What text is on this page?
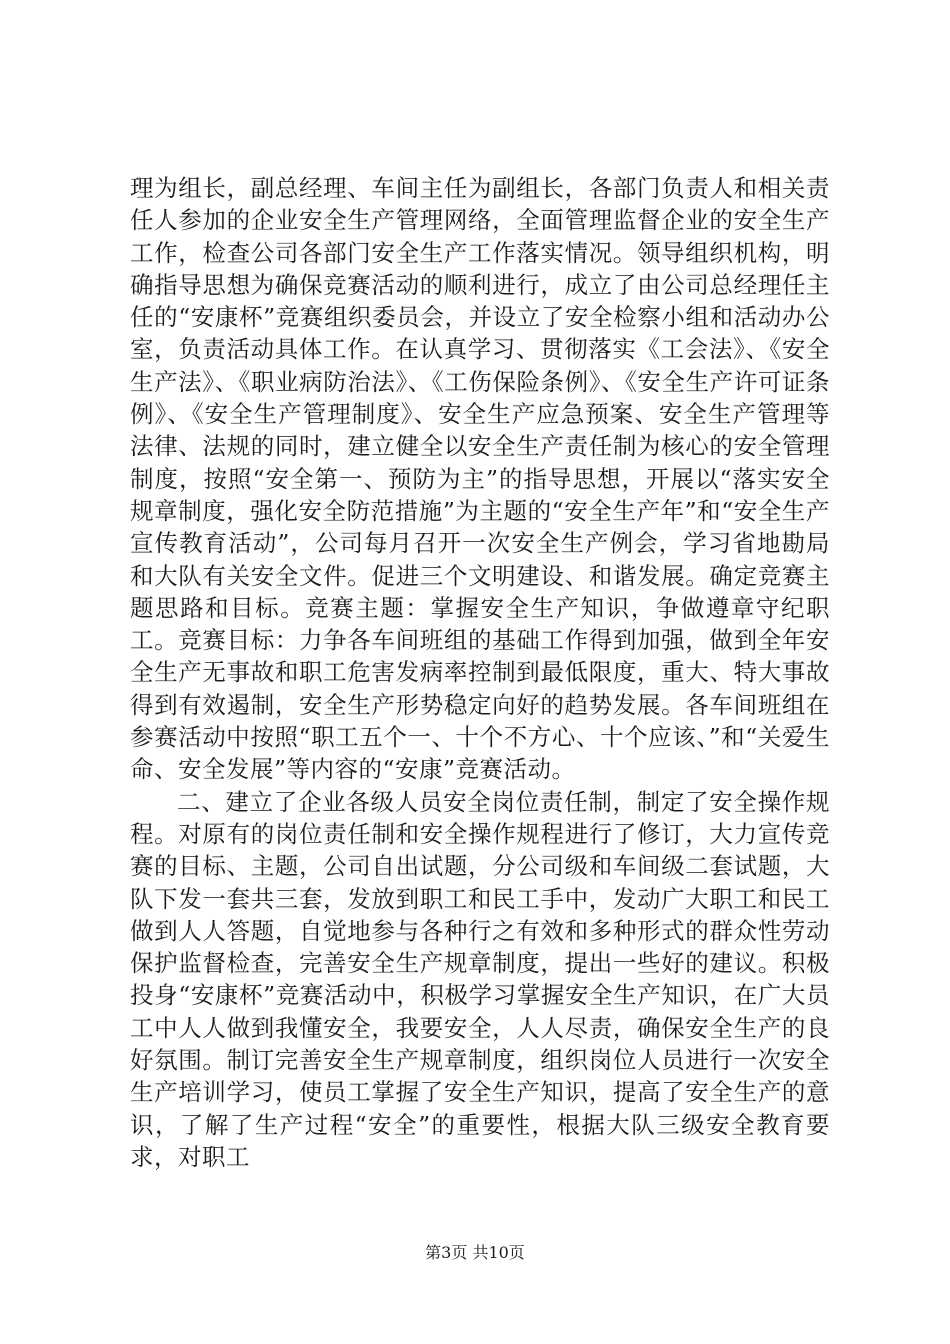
理为组长，副总经理、车间主任为副组长，各部门负责人和相关责任人参加的企业安全生产管理网络，全面管理监督企业的安全生产工作，检查公司各部门安全生产工作落实情况。领导组织机构，明确指导思想为确保竞赛活动的顺利进行，成立了由公司总经理任主任的“安康杯”竞赛组织委员会，并设立了安全检察小组和活动办公室，负责活动具体工作。在认真学习、贯彻落实《工会法》、《安全生产法》、《职业病防治法》、《工伤保险条例》、《安全生产许可证条例》、《安全生产管理制度》、安全生产应急预案、安全生产管理等法律、法规的同时，建立健全以安全生产责任制为核心的安全管理制度，按照“安全第一、预防为主”的指导思想，开展以“落实安全规章制度，强化安全防范措施”为主题的“安全生产年”和“安全生产宣传教育活动”，公司每月召开一次安全生产例会，学习省地勘局和大队有关安全文件。促进三个文明建设、和谐发展。确定竞赛主题思路和目标。竞赛主题：掌握安全生产知识，争做遵章守纪职工。竞赛目标：力争各车间班组的基础工作得到加强，做到全年安全生产无事故和职工危害发病率控制到最低限度，重大、特大事故得到有效遏制，安全生产形势稳定向好的趋势发展。各车间班组在参赛活动中按照“职工五个一、十个不方心、十个应该、”和“关爱生命、安全发展”等内容的“安康”竞赛活动。

二、建立了企业各级人员安全岗位责任制，制定了安全操作规程。对原有的岗位责任制和安全操作规程进行了修订，大力宣传竞赛的目标、主题，公司自出试题，分公司级和车间级二套试题，大队下发一套共三套，发放到职工和民工手中，发动广大职工和民工做到人人答题，自觉地参与各种行之有效和多种形式的群众性劳动保护监督检查，完善安全生产规章制度，提出一些好的建议。积极投身“安康杯”竞赛活动中，积极学习掌握安全生产知识，在广大员工中人人做到我懂安全，我要安全，人人尽责，确保安全生产的良好氛围。制订完善安全生产规章制度，组织岗位人员进行一次安全生产培训学习，使员工掌握了安全生产知识，提高了安全生产的意识，了解了生产过程“安全”的重要性，根据大队三级安全教育要求，对职工

第3页 共10页
